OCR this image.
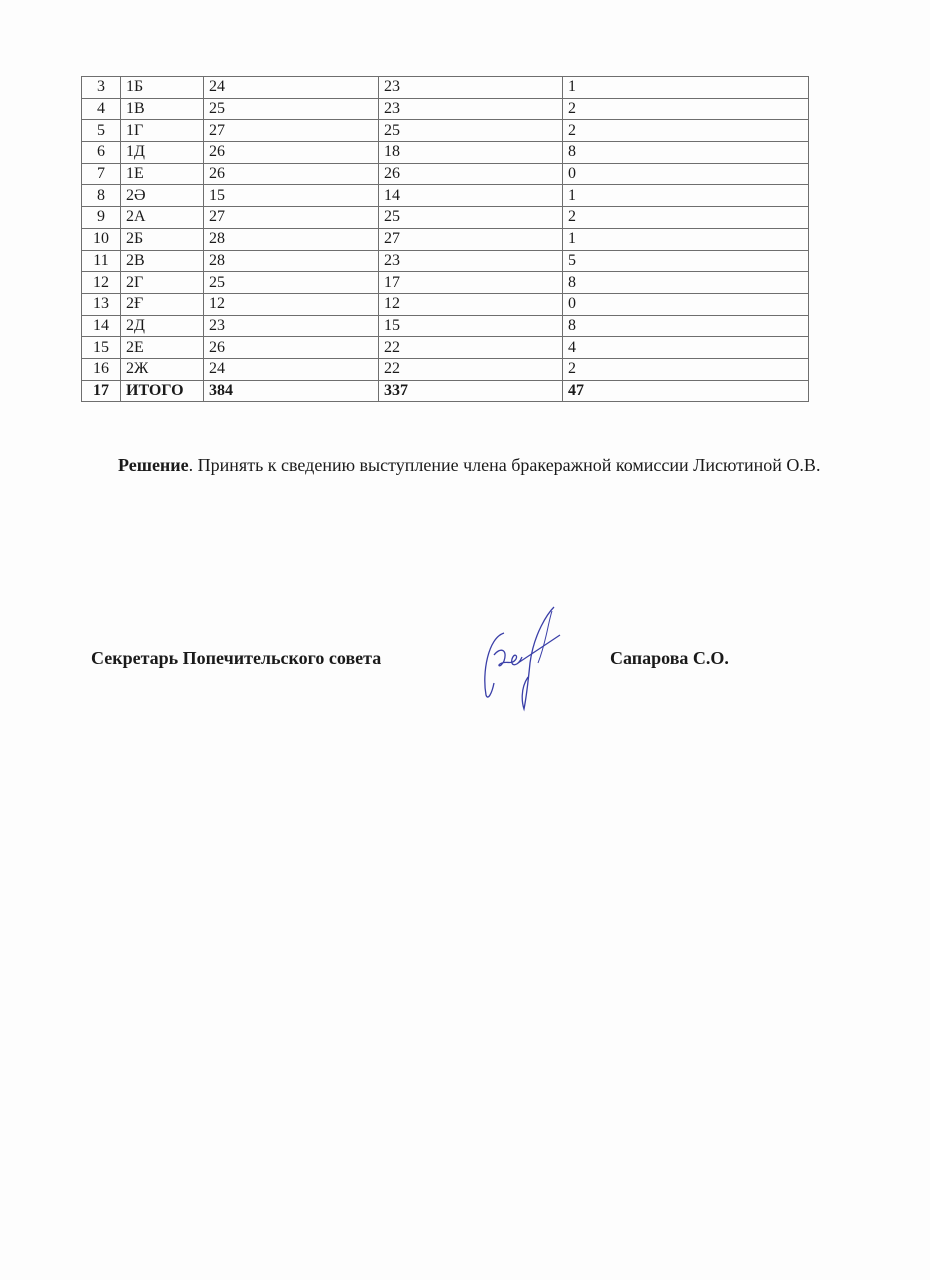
3	1Б	24	23	1
4	1В	25	23	2
5	1Г	27	25	2
6	1Д	26	18	8
7	1Е	26	26	0
8	2Ә	15	14	1
9	2А	27	25	2
10	2Б	28	27	1
11	2В	28	23	5
12	2Г	25	17	8
13	2Ғ	12	12	0
14	2Д	23	15	8
15	2Е	26	22	4
16	2Ж	24	22	2
17	ИТОГО	384	337	47

Решение. Принять к сведению выступление члена бракеражной комиссии Лисютиной О.В.

Секретарь Попечительского совета	Сапарова С.О.
